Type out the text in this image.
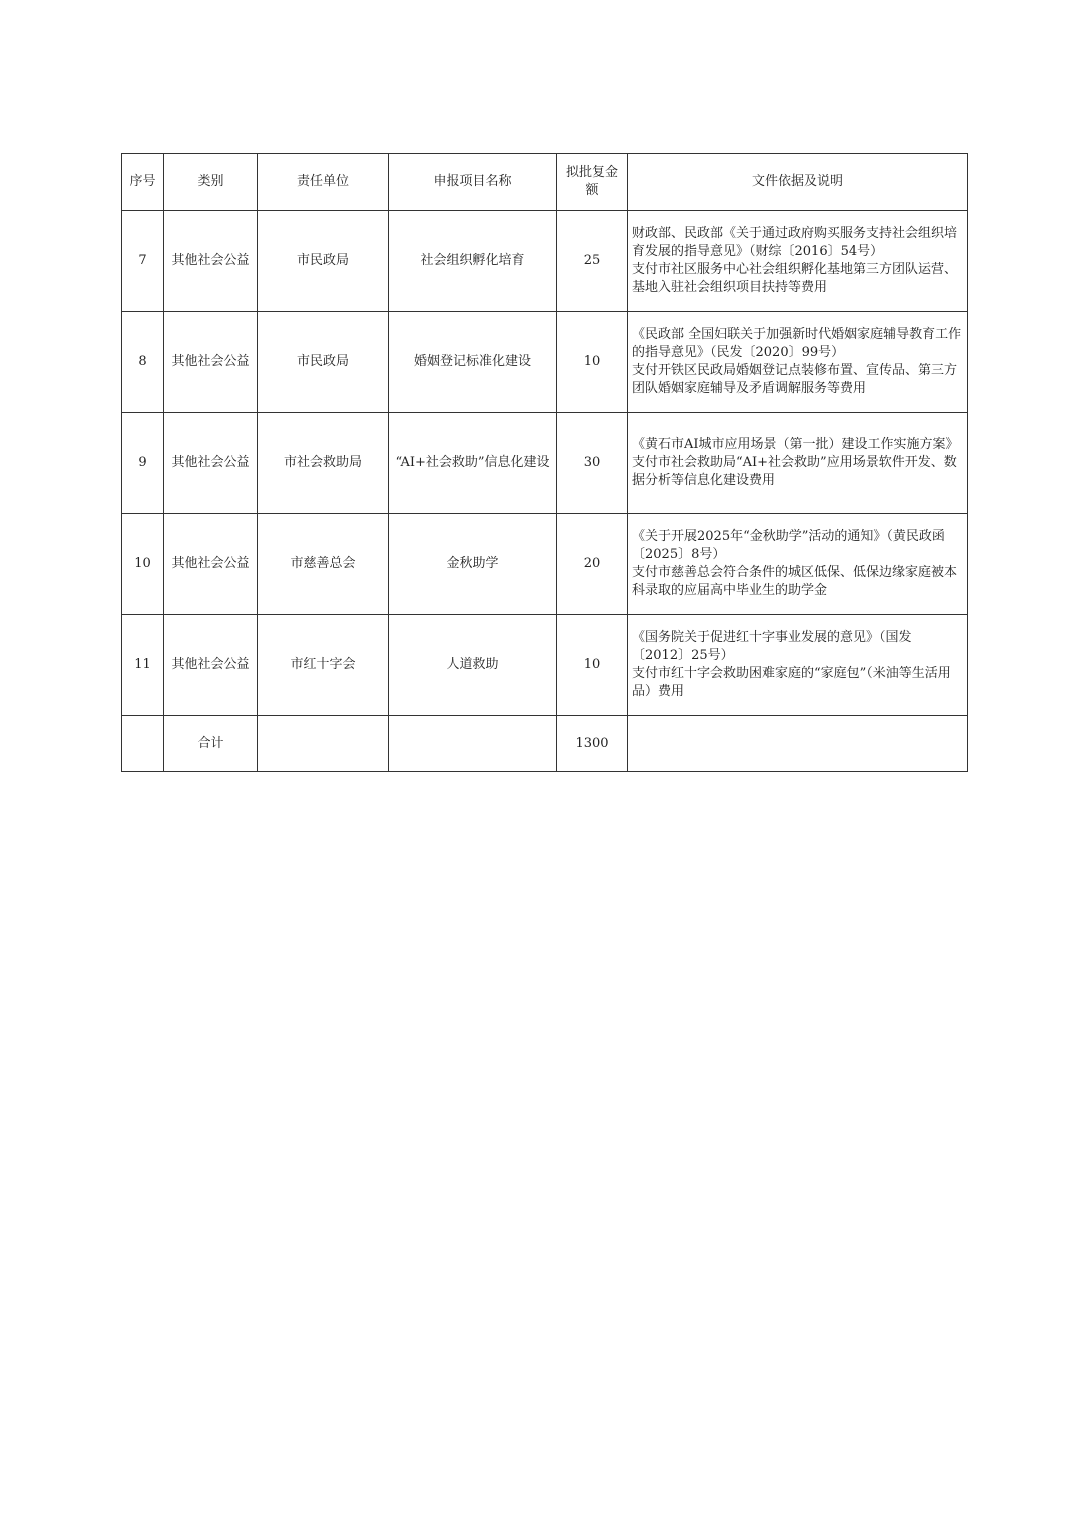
序号	类别	责任单位	申报项目名称	拟批复金额	文件依据及说明
7	其他社会公益	市民政局	社会组织孵化培育	25	财政部、民政部《关于通过政府购买服务支持社会组织培育发展的指导意见》（财综〔2016〕54号）
支付市社区服务中心社会组织孵化基地第三方团队运营、基地入驻社会组织项目扶持等费用

8	其他社会公益	市民政局	婚姻登记标准化建设	10	《民政部 全国妇联关于加强新时代婚姻家庭辅导教育工作的指导意见》（民发〔2020〕99号）
支付开铁区民政局婚姻登记点装修布置、宣传品、第三方团队婚姻家庭辅导及矛盾调解服务等费用

9	其他社会公益	市社会救助局	“AI+社会救助”信息化建设	30	《黄石市AI城市应用场景（第一批）建设工作实施方案》
支付市社会救助局“AI+社会救助”应用场景软件开发、数据分析等信息化建设费用

10	其他社会公益	市慈善总会	金秋助学	20	《关于开展2025年“金秋助学”活动的通知》（黄民政函〔2025〕8号）
支付市慈善总会符合条件的城区低保、低保边缘家庭被本科录取的应届高中毕业生的助学金

11	其他社会公益	市红十字会	人道救助	10	《国务院关于促进红十字事业发展的意见》（国发〔2012〕25号）
支付市红十字会救助困难家庭的“家庭包”（米油等生活用品）费用

	合计			1300	
